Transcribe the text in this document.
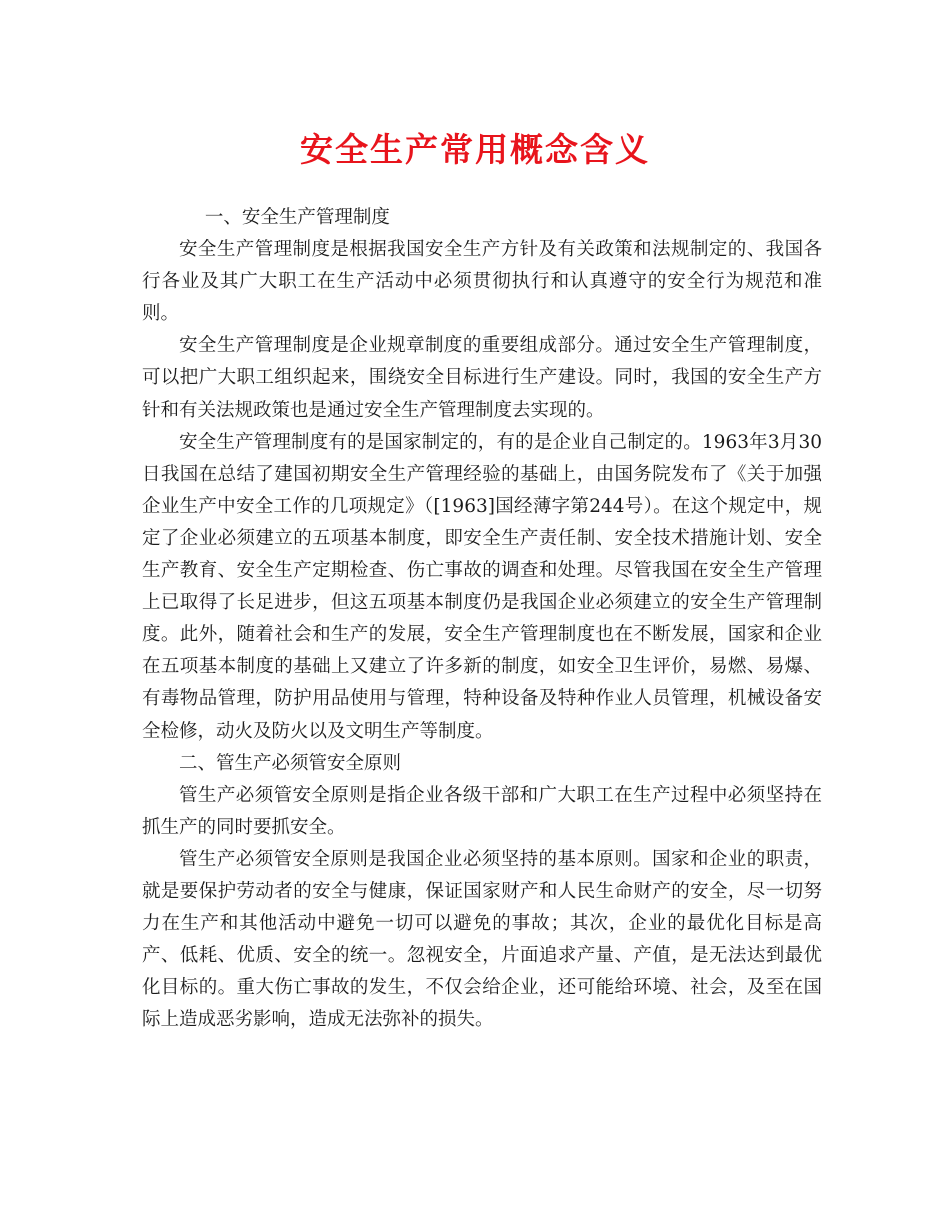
安全生产常用概念含义

一、安全生产管理制度

安全生产管理制度是根据我国安全生产方针及有关政策和法规制定的、我国各行各业及其广大职工在生产活动中必须贯彻执行和认真遵守的安全行为规范和准则。

安全生产管理制度是企业规章制度的重要组成部分。通过安全生产管理制度，可以把广大职工组织起来，围绕安全目标进行生产建设。同时，我国的安全生产方针和有关法规政策也是通过安全生产管理制度去实现的。

安全生产管理制度有的是国家制定的，有的是企业自己制定的。1963年3月30日我国在总结了建国初期安全生产管理经验的基础上，由国务院发布了《关于加强企业生产中安全工作的几项规定》（[1963]国经薄字第244号）。在这个规定中，规定了企业必须建立的五项基本制度，即安全生产责任制、安全技术措施计划、安全生产教育、安全生产定期检查、伤亡事故的调查和处理。尽管我国在安全生产管理上已取得了长足进步，但这五项基本制度仍是我国企业必须建立的安全生产管理制度。此外，随着社会和生产的发展，安全生产管理制度也在不断发展，国家和企业在五项基本制度的基础上又建立了许多新的制度，如安全卫生评价，易燃、易爆、有毒物品管理，防护用品使用与管理，特种设备及特种作业人员管理，机械设备安全检修，动火及防火以及文明生产等制度。

二、管生产必须管安全原则

管生产必须管安全原则是指企业各级干部和广大职工在生产过程中必须坚持在抓生产的同时要抓安全。

管生产必须管安全原则是我国企业必须坚持的基本原则。国家和企业的职责，就是要保护劳动者的安全与健康，保证国家财产和人民生命财产的安全，尽一切努力在生产和其他活动中避免一切可以避免的事故；其次，企业的最优化目标是高产、低耗、优质、安全的统一。忽视安全，片面追求产量、产值，是无法达到最优化目标的。重大伤亡事故的发生，不仅会给企业，还可能给环境、社会，及至在国际上造成恶劣影响，造成无法弥补的损失。
